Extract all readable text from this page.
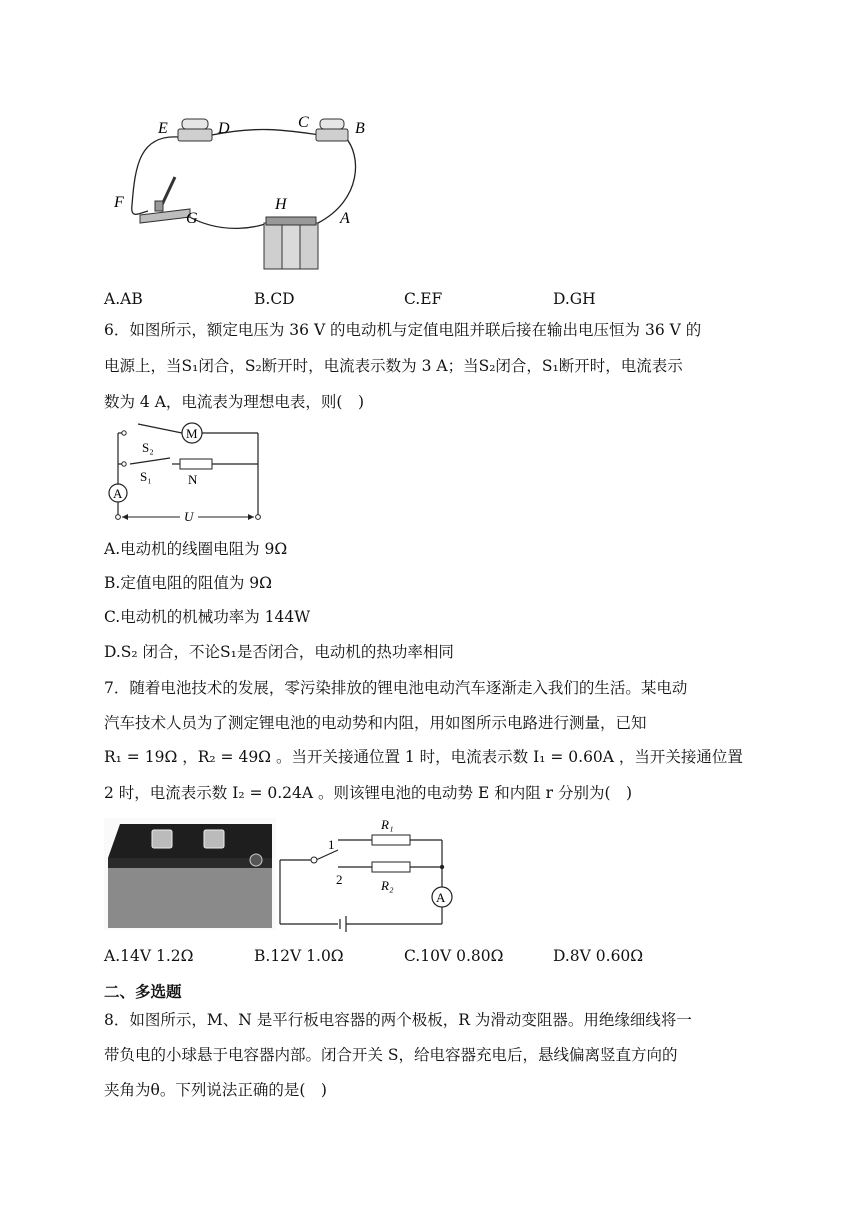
E	D	C	B
F
G
H
A
A.AB	B.CD	C.EF	D.GH
6．如图所示，额定电压为 36 V 的电动机与定值电阻并联后接在输出电压恒为 36 V 的
电源上，当S₁闭合，S₂断开时，电流表示数为 3 A；当S₂闭合，S₁断开时，电流表示
数为 4 A，电流表为理想电表，则(　)
M
N
S₂
S₁
A
U
A.电动机的线圈电阻为 9Ω
B.定值电阻的阻值为 9Ω
C.电动机的机械功率为 144W
D.S₂ 闭合，不论S₁是否闭合，电动机的热功率相同
7．随着电池技术的发展，零污染排放的锂电池电动汽车逐渐走入我们的生活。某电动
汽车技术人员为了测定锂电池的电动势和内阻，用如图所示电路进行测量，已知
R₁ = 19Ω ，R₂ = 49Ω 。当开关接通位置 1 时，电流表示数 I₁ = 0.60A ，当开关接通位置
2 时，电流表示数 I₂ = 0.24A 。则该锂电池的电动势 E 和内阻 r 分别为(　)
A
1
2
R₁
R₂
A.14V 1.2Ω	B.12V 1.0Ω	C.10V 0.80Ω	D.8V 0.60Ω
二、多选题
8．如图所示，M、N 是平行板电容器的两个极板，R 为滑动变阻器。用绝缘细线将一
带负电的小球悬于电容器内部。闭合开关 S，给电容器充电后，悬线偏离竖直方向的
夹角为θ。下列说法正确的是(　)
